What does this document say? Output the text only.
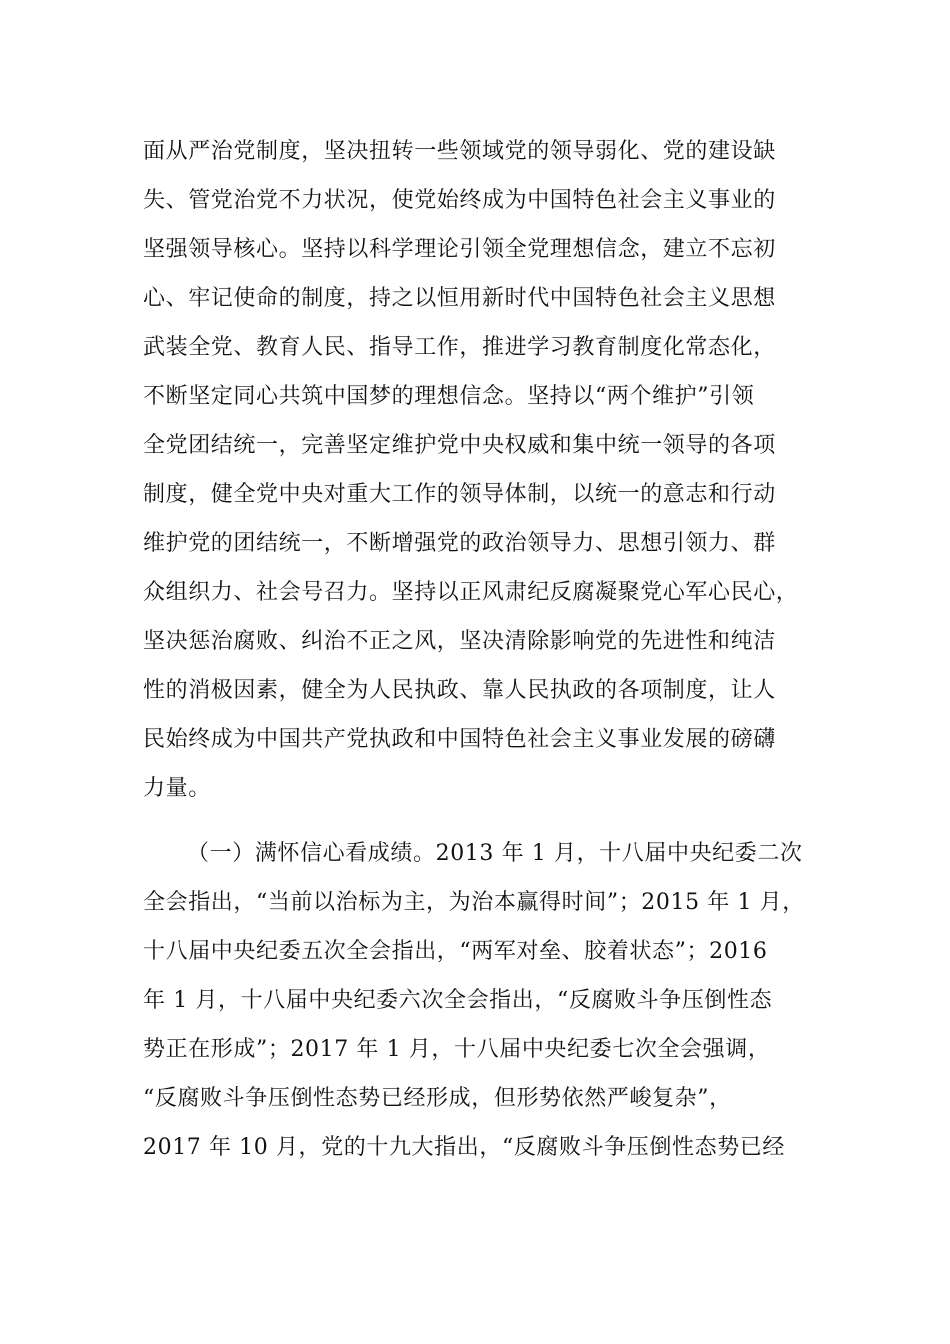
面从严治党制度，坚决扭转一些领域党的领导弱化、党的建设缺
失、管党治党不力状况，使党始终成为中国特色社会主义事业的
坚强领导核心。坚持以科学理论引领全党理想信念，建立不忘初
心、牢记使命的制度，持之以恒用新时代中国特色社会主义思想
武装全党、教育人民、指导工作，推进学习教育制度化常态化，
不断坚定同心共筑中国梦的理想信念。坚持以“两个维护”引领
全党团结统一，完善坚定维护党中央权威和集中统一领导的各项
制度，健全党中央对重大工作的领导体制，以统一的意志和行动
维护党的团结统一，不断增强党的政治领导力、思想引领力、群
众组织力、社会号召力。坚持以正风肃纪反腐凝聚党心军心民心，
坚决惩治腐败、纠治不正之风，坚决清除影响党的先进性和纯洁
性的消极因素，健全为人民执政、靠人民执政的各项制度，让人
民始终成为中国共产党执政和中国特色社会主义事业发展的磅礴
力量。
（一）满怀信心看成绩。2013 年 1 月，十八届中央纪委二次
全会指出，“当前以治标为主，为治本赢得时间”；2015 年 1 月，
十八届中央纪委五次全会指出，“两军对垒、胶着状态”；2016
年 1 月，十八届中央纪委六次全会指出，“反腐败斗争压倒性态
势正在形成”；2017 年 1 月，十八届中央纪委七次全会强调，
“反腐败斗争压倒性态势已经形成，但形势依然严峻复杂”，
2017 年 10 月，党的十九大指出，“反腐败斗争压倒性态势已经
